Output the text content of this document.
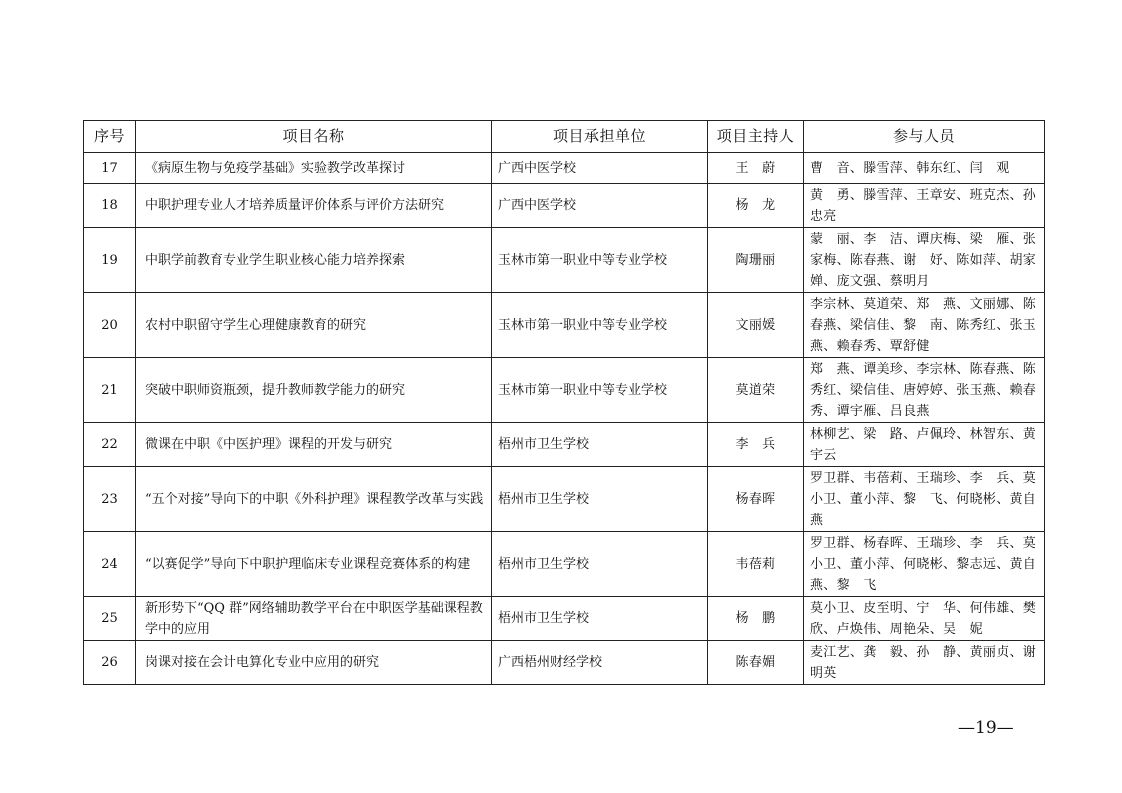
序号	项目名称	项目承担单位	项目主持人	参与人员
17	《病原生物与免疫学基础》实验教学改革探讨	广西中医学校	王　蔚	曹　音、滕雪萍、韩东红、闫　观
18	中职护理专业人才培养质量评价体系与评价方法研究	广西中医学校	杨　龙	黄　勇、滕雪萍、王章安、班克杰、孙忠亮
19	中职学前教育专业学生职业核心能力培养探索	玉林市第一职业中等专业学校	陶珊丽	蒙　丽、李　洁、谭庆梅、梁　雁、张家梅、陈春燕、谢　妤、陈如萍、胡家婵、庞文强、蔡明月
20	农村中职留守学生心理健康教育的研究	玉林市第一职业中等专业学校	文丽媛	李宗林、莫道荣、郑　燕、文丽娜、陈春燕、梁信佳、黎　南、陈秀红、张玉燕、赖春秀、覃舒健
21	突破中职师资瓶颈，提升教师教学能力的研究	玉林市第一职业中等专业学校	莫道荣	郑　燕、谭美珍、李宗林、陈春燕、陈秀红、梁信佳、唐婷婷、张玉燕、赖春秀、谭宇雁、吕良燕
22	微课在中职《中医护理》课程的开发与研究	梧州市卫生学校	李　兵	林柳艺、梁　路、卢佩玲、林智东、黄宇云
23	“五个对接”导向下的中职《外科护理》课程教学改革与实践	梧州市卫生学校	杨春晖	罗卫群、韦蓓莉、王瑞珍、李　兵、莫小卫、董小萍、黎　飞、何晓彬、黄自燕
24	“以赛促学”导向下中职护理临床专业课程竞赛体系的构建	梧州市卫生学校	韦蓓莉	罗卫群、杨春晖、王瑞珍、李　兵、莫小卫、董小萍、何晓彬、黎志远、黄自燕、黎　飞
25	新形势下“QQ 群”网络辅助教学平台在中职医学基础课程教学中的应用	梧州市卫生学校	杨　鹏	莫小卫、皮至明、宁　华、何伟雄、樊　欣、卢焕伟、周艳朵、吴　妮
26	岗课对接在会计电算化专业中应用的研究	广西梧州财经学校	陈春媚	麦江艺、龚　毅、孙　静、黄丽贞、谢明英
—19—
